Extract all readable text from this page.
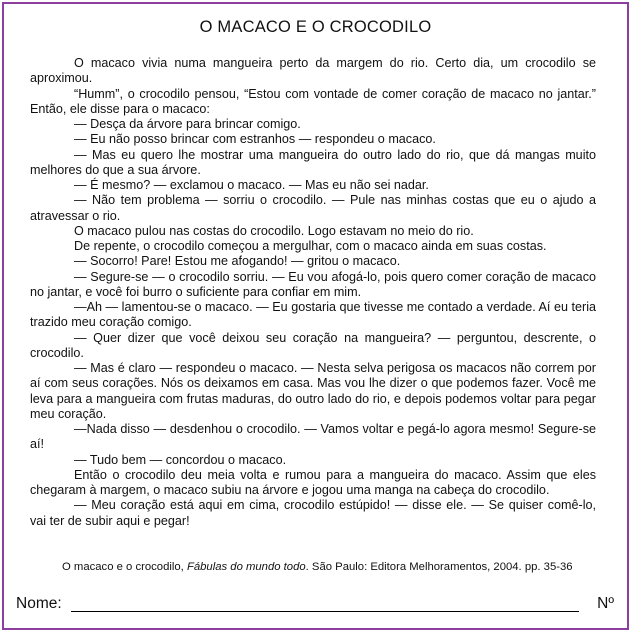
O MACACO E O CROCODILO

O macaco vivia numa mangueira perto da margem do rio. Certo dia, um crocodilo se aproximou.

“Humm”, o crocodilo pensou, “Estou com vontade de comer coração de macaco no jantar.” Então, ele disse para o macaco:

— Desça da árvore para brincar comigo.

— Eu não posso brincar com estranhos — respondeu o macaco.

— Mas eu quero lhe mostrar uma mangueira do outro lado do rio, que dá mangas muito melhores do que a sua árvore.

— É mesmo? — exclamou o macaco. — Mas eu não sei nadar.

— Não tem problema — sorriu o crocodilo. — Pule nas minhas costas que eu o ajudo a atravessar o rio.

O macaco pulou nas costas do crocodilo. Logo estavam no meio do rio.

De repente, o crocodilo começou a mergulhar, com o macaco ainda em suas costas.

— Socorro! Pare! Estou me afogando! — gritou o macaco.

— Segure-se — o crocodilo sorriu. — Eu vou afogá-lo, pois quero comer coração de macaco no jantar, e você foi burro o suficiente para confiar em mim.

—Ah — lamentou-se o macaco. — Eu gostaria que tivesse me contado a verdade. Aí eu teria trazido meu coração comigo.

— Quer dizer que você deixou seu coração na mangueira? — perguntou, descrente, o crocodilo.

— Mas é claro — respondeu o macaco. — Nesta selva perigosa os macacos não correm por aí com seus corações. Nós os deixamos em casa. Mas vou lhe dizer o que podemos fazer. Você me leva para a mangueira com frutas maduras, do outro lado do rio, e depois podemos voltar para pegar meu coração.

—Nada disso — desdenhou o crocodilo. — Vamos voltar e pegá-lo agora mesmo! Segure-se aí!

— Tudo bem — concordou o macaco.

Então o crocodilo deu meia volta e rumou para a mangueira do macaco. Assim que eles chegaram à margem, o macaco subiu na árvore e jogou uma manga na cabeça do crocodilo.

— Meu coração está aqui em cima, crocodilo estúpido! — disse ele. — Se quiser comê-lo, vai ter de subir aqui e pegar!

O macaco e o crocodilo, Fábulas do mundo todo. São Paulo: Editora Melhoramentos, 2004. pp. 35-36
Nome:	Nº
